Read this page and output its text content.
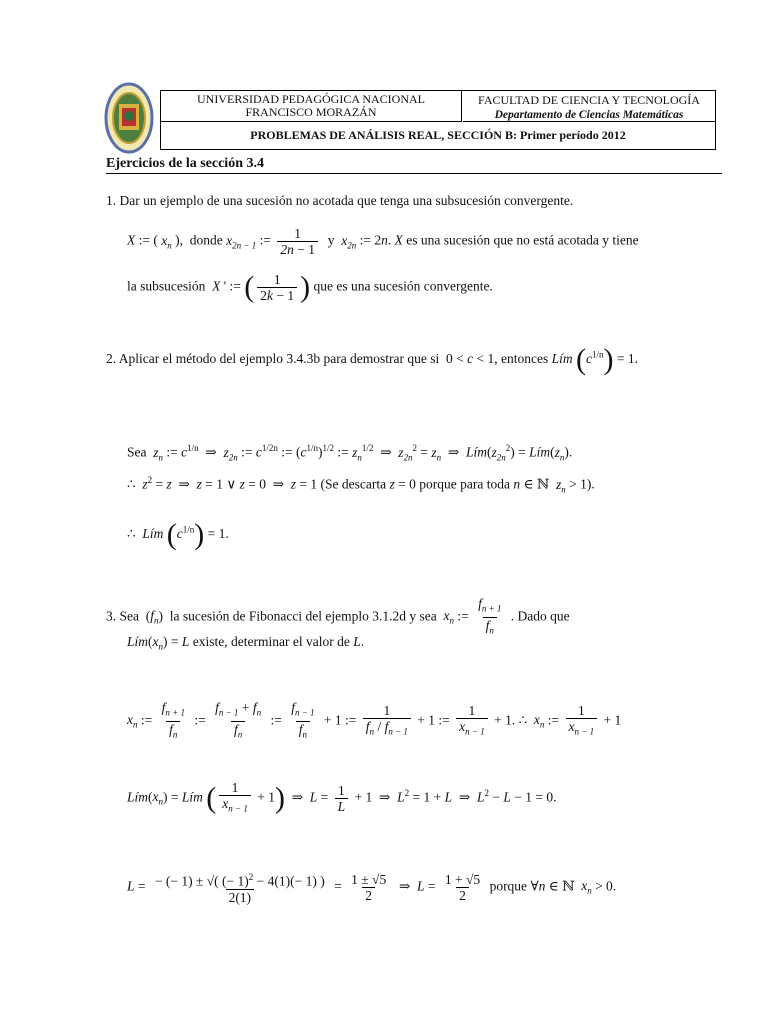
UNIVERSIDAD PEDAGÓGICA NACIONAL
FRANCISCO MORAZÁN
FACULTAD DE CIENCIA Y TECNOLOGÍA
Departamento de Ciencias Matemáticas
PROBLEMAS DE ANÁLISIS REAL, SECCIÓN B: Primer período 2012
Ejercicios de la sección 3.4
1. Dar un ejemplo de una sucesión no acotada que tenga una subsucesión convergente.
X := ( $x_n$ ),  donde $x_{2n - 1}$ := $\frac{1}{2n - 1}$ y  $x_{2n}$ := 2n. X es una sucesión que no está acotada y tiene
la subsucesión X ' := ( $\frac{1}{2k - 1}$ ) que es una sucesión convergente.
2. Aplicar el método del ejemplo 3.4.3b para demostrar que si  0 < c < 1, entonces Lím $(c^{1/n}) = 1$.
Sea $z_n$ := $c^{1/n}$  ⇒  $z_{2n}$ := $c^{1/2n}$ := $(c^{1/n})^{1/2}$ := $z_n^{1/2}$  ⇒  $z_{2n}^2 = z_n$  ⇒  $Lím(z_{2n}^2)$ = $Lím(z_n)$.
∴  $z^2 = z$  ⇒  z = 1 ∨ z = 0  ⇒  z = 1 (Se descarta z = 0 porque para toda n ∈ ℕ  $z_n > 1$).
∴  Lím $(c^{1/n}) = 1$.
3. Sea  $(f_n)$  la sucesión de Fibonacci del ejemplo 3.1.2d y sea $x_n$ := $\frac{f_{n + 1}}{f_n}$ . Dado que
$Lím(x_n) = L$ existe, determinar el valor de L.
$x_n$ := $\frac{f_{n + 1}}{f_n}$ := $\frac{f_{n - 1} + f_n}{f_n}$ := $\frac{f_{n - 1}}{f_n} + 1$ := $\frac{1}{f_n / f_{n - 1}} + 1$ := $\frac{1}{x_{n - 1}} + 1$. ∴  $x_n$ := $\frac{1}{x_{n - 1}} + 1$
$Lím(x_n)$ = Lím ( $\frac{1}{x_{n - 1}} + 1$)  ⇒  $L = \frac{1}{L} + 1$  ⇒  $L^2 = 1 + L$  ⇒  $L^2 - L - 1 = 0$.
$L = \frac{- (- 1) \pm √( (- 1)^2 - 4(1)(- 1) )}{2(1)} = \frac{1 \pm √5}{2}$ ⇒  $L = \frac{1 + √5}{2}$ porque ∀n ∈ ℕ  $x_n > 0$.
